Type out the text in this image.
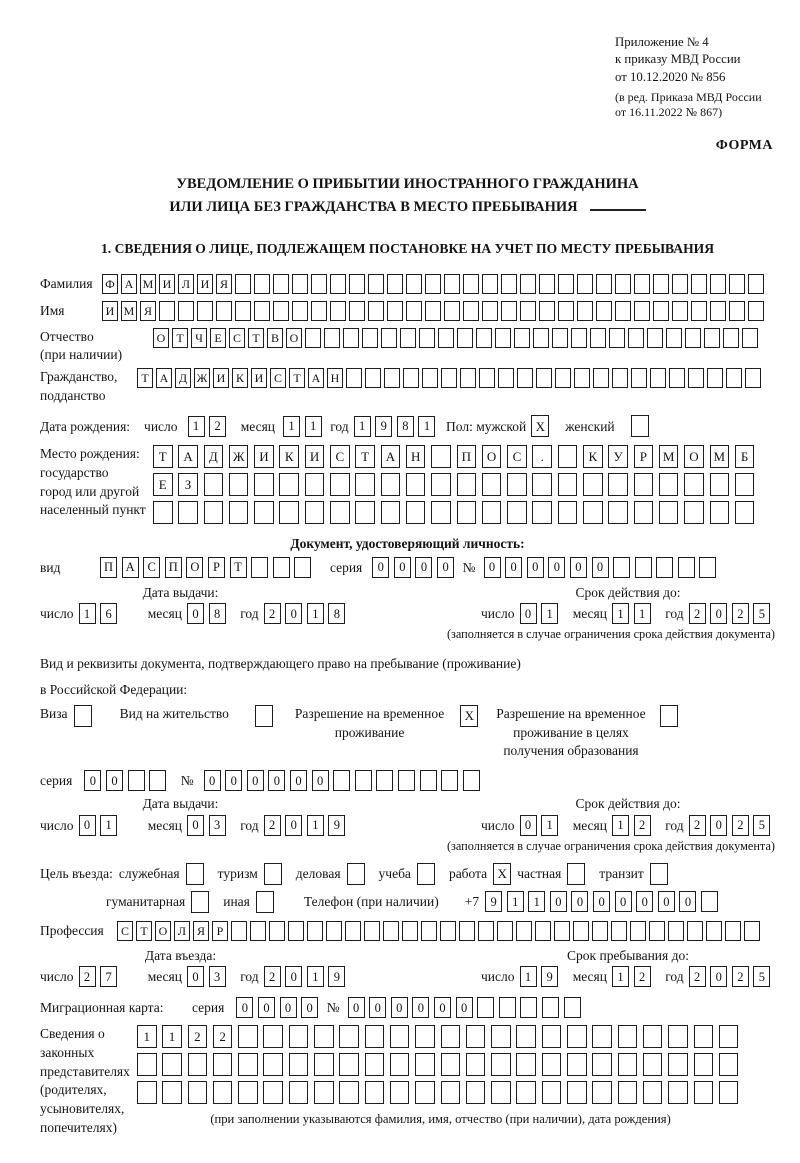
Приложение № 4
к приказу МВД России
от 10.12.2020 № 856
(в ред. Приказа МВД России
от 16.11.2022 № 867)
ФОРМА
УВЕДОМЛЕНИЕ О ПРИБЫТИИ ИНОСТРАННОГО ГРАЖДАНИНА
ИЛИ ЛИЦА БЕЗ ГРАЖДАНСТВА В МЕСТО ПРЕБЫВАНИЯ
1. СВЕДЕНИЯ О ЛИЦЕ, ПОДЛЕЖАЩЕМ ПОСТАНОВКЕ НА УЧЕТ ПО МЕСТУ ПРЕБЫВАНИЯ
Фамилия	Ф А М И Л И Я
Имя	И М Я
Отчество
(при наличии)
О Т Ч Е С Т В О
Гражданство,
подданство
Т А Д Ж И К И С Т А Н
Дата рождения: число	1	2	месяц	1	1	год 1	9	8	1	Пол: мужской X	женский
Место рождения:
государство
город или другой
населенный пункт
Т	А	Д	Ж	И	К	И	С	Т	А	Н	П	О	С	.	К	У	Р	М	О	М	Б
Е	З
Документ, удостоверяющий личность:
вид	П	А	С	П	О	Р	Т	серия	0	0	0	0	№	0	0	0	0	0	0
Дата выдачи:
число 1	6	месяц 0	8	год 2	0	1	8
Срок действия до:
число 0	1	месяц 1	1	год 2	0	2	5
(заполняется в случае ограничения срока действия документа)
Вид и реквизиты документа, подтверждающего право на пребывание (проживание)
в Российской Федерации:
Виза	Вид на жительство	Разрешение на временное
проживание
X	Разрешение на временное
проживание в целях
получения образования
серия	0	0	№	0	0	0	0	0	0
Дата выдачи:
число 0	1	месяц 0	3	год 2	0	1	9
Срок действия до:
число 0	1	месяц 1	2	год 2	0	2	5
(заполняется в случае ограничения срока действия документа)
Цель въезда: служебная	туризм	деловая	учеба	работа X частная	транзит
гуманитарная	иная	Телефон (при наличии) +7 9	1	1	0	0	0	0	0	0	0
Профессия	С Т О Л Я Р
Дата въезда:
число 2	7	месяц 0	3	год 2	0	1	9
Срок пребывания до:
число 1	9	месяц 1	2	год 2	0	2	5
Миграционная карта:	серия	0	0	0	0	№	0	0	0	0	0	0
Сведения о
законных
представителях
(родителях,
усыновителях,
попечителях)
1	1	2	2
(при заполнении указываются фамилия, имя, отчество (при наличии), дата рождения)
